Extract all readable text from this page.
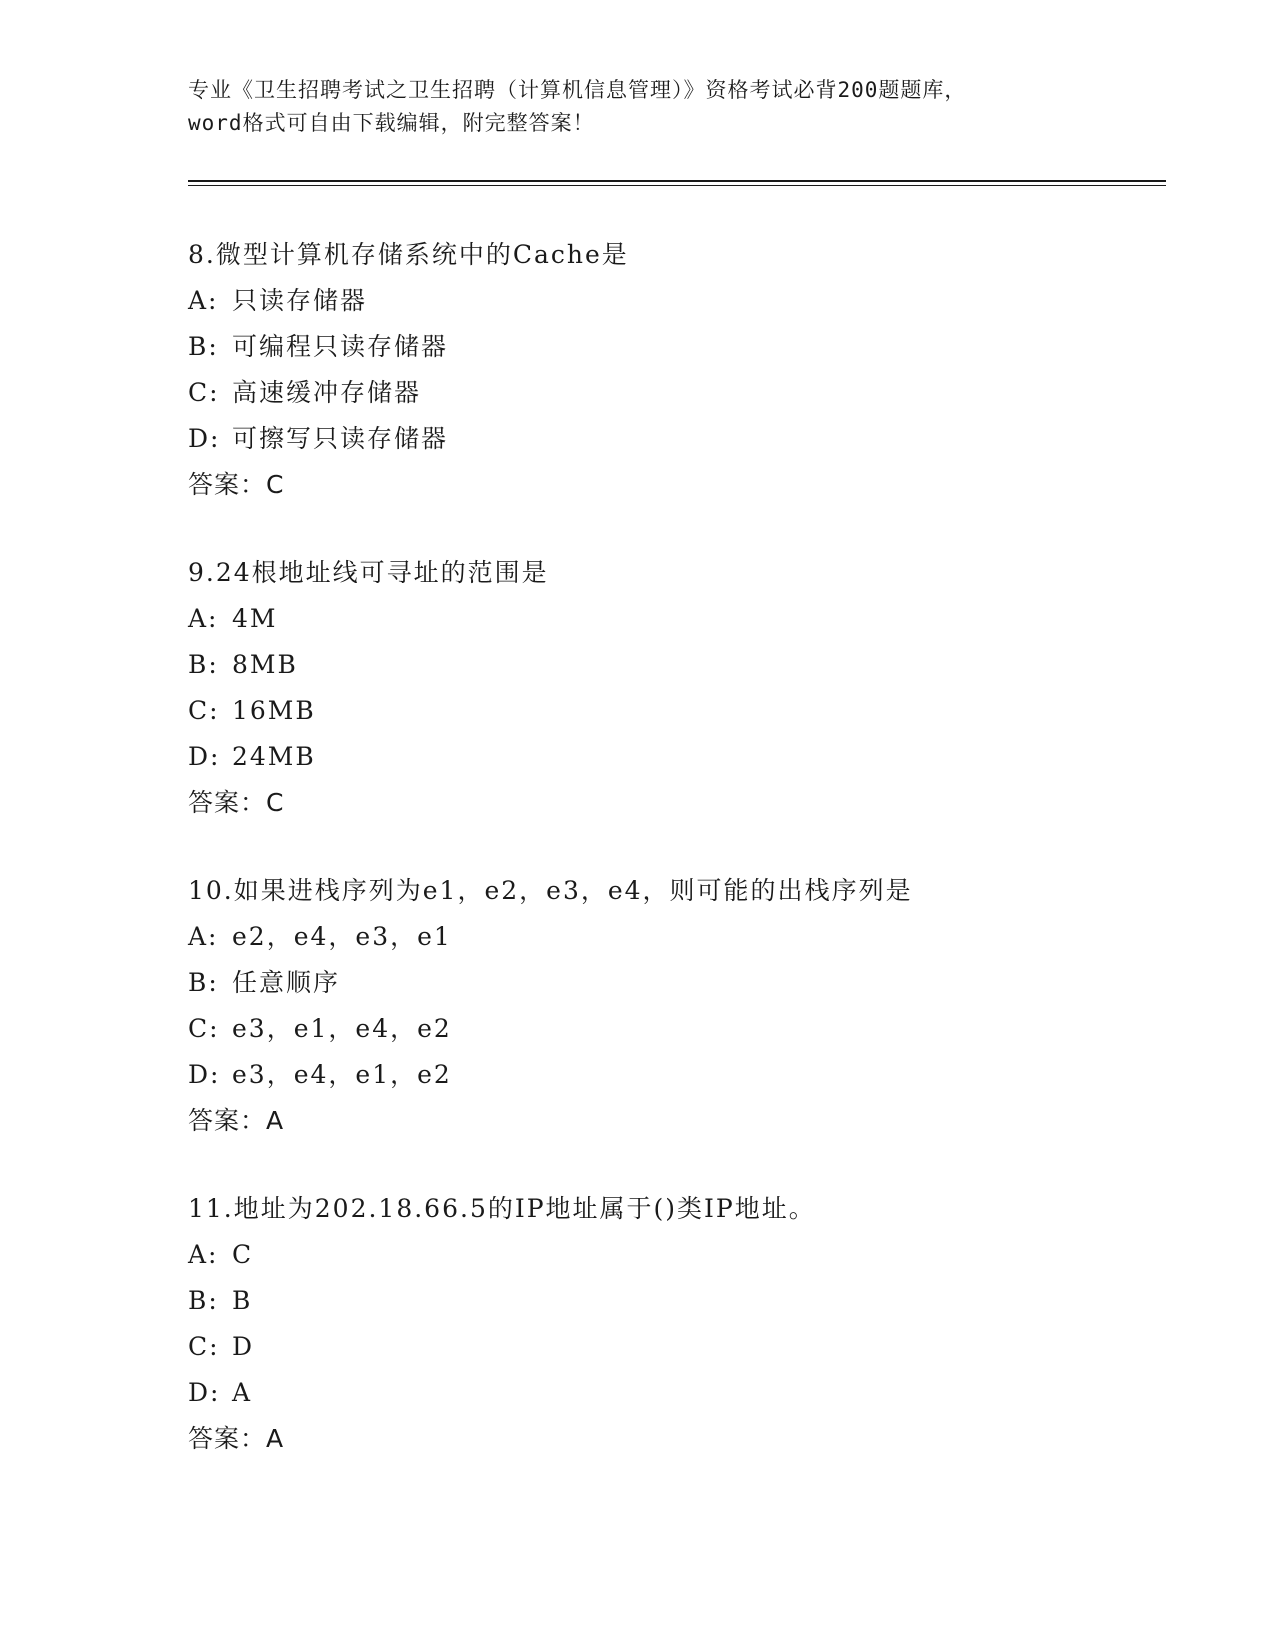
专业《卫生招聘考试之卫生招聘（计算机信息管理）》资格考试必背200题题库，
word格式可自由下载编辑，附完整答案！
8.微型计算机存储系统中的Cache是
A: 只读存储器
B: 可编程只读存储器
C: 高速缓冲存储器
D: 可擦写只读存储器
答案：C
9.24根地址线可寻址的范围是
A: 4M
B: 8MB
C: 16MB
D: 24MB
答案：C
10.如果进栈序列为e1，e2，e3，e4，则可能的出栈序列是
A: e2，e4，e3，e1
B: 任意顺序
C: e3，e1，e4，e2
D: e3，e4，e1，e2
答案：A
11.地址为202.18.66.5的IP地址属于()类IP地址。
A: C
B: B
C: D
D: A
答案：A
